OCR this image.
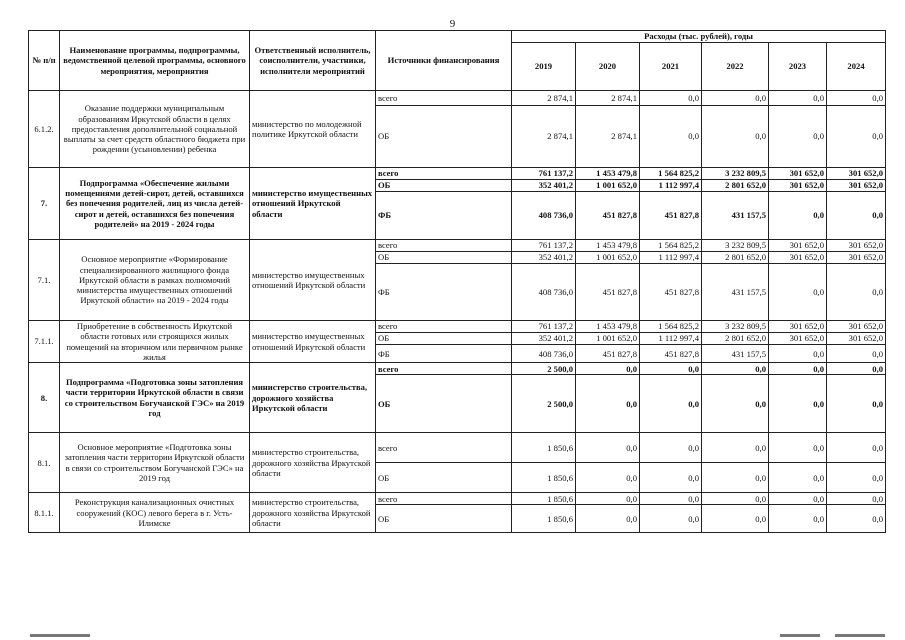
9
№ п/п	Наименование программы, подпрограммы, ведомственной целевой программы, основного мероприятия, мероприятия	Ответственный исполнитель, соисполнители, участники, исполнители мероприятий	Источники финансирования	Расходы (тыс. рублей), годы					
				2019	2020	2021	2022	2023	2024
6.1.2.	Оказание поддержки муниципальным образованиям Иркутской области в целях предоставления дополнительной социальной выплаты за счет средств областного бюджета при рождении (усыновлении) ребенка	министерство по молодежной политике Иркутской области	всего	2 874,1	2 874,1	0,0	0,0	0,0	0,0
			ОБ	2 874,1	2 874,1	0,0	0,0	0,0	0,0
7.	Подпрограмма «Обеспечение жилыми помещениями детей-сирот, детей, оставшихся без попечения родителей, лиц из числа детей-сирот и детей, оставшихся без попечения родителей» на 2019 - 2024 годы	министерство имущественных отношений Иркутской области	всего	761 137,2	1 453 479,8	1 564 825,2	3 232 809,5	301 652,0	301 652,0
			ОБ	352 401,2	1 001 652,0	1 112 997,4	2 801 652,0	301 652,0	301 652,0
			ФБ	408 736,0	451 827,8	451 827,8	431 157,5	0,0	0,0
7.1.	Основное мероприятие «Формирование специализированного жилищного фонда Иркутской области в рамках полномочий министерства имущественных отношений Иркутской области» на 2019 - 2024 годы	министерство имущественных отношений Иркутской области	всего	761 137,2	1 453 479,8	1 564 825,2	3 232 809,5	301 652,0	301 652,0
			ОБ	352 401,2	1 001 652,0	1 112 997,4	2 801 652,0	301 652,0	301 652,0
			ФБ	408 736,0	451 827,8	451 827,8	431 157,5	0,0	0,0
7.1.1.	Приобретение в собственность Иркутской области готовых или строящихся жилых помещений на вторичном или первичном рынке жилья	министерство имущественных отношений Иркутской области	всего	761 137,2	1 453 479,8	1 564 825,2	3 232 809,5	301 652,0	301 652,0
			ОБ	352 401,2	1 001 652,0	1 112 997,4	2 801 652,0	301 652,0	301 652,0
			ФБ	408 736,0	451 827,8	451 827,8	431 157,5	0,0	0,0
8.	Подпрограмма «Подготовка зоны затопления части территории Иркутской области в связи со строительством Богучанской ГЭС» на 2019 год	министерство строительства, дорожного хозяйства Иркутской области	всего	2 500,0	0,0	0,0	0,0	0,0	0,0
			ОБ	2 500,0	0,0	0,0	0,0	0,0	0,0
8.1.	Основное мероприятие «Подготовка зоны затопления части территории Иркутской области в связи со строительством Богучанской ГЭС» на 2019 год	министерство строительства, дорожного хозяйства Иркутской области	всего	1 850,6	0,0	0,0	0,0	0,0	0,0
			ОБ	1 850,6	0,0	0,0	0,0	0,0	0,0
8.1.1.	Реконструкция канализационных очистных сооружений (КОС) левого берега в г. Усть-Илимске	министерство строительства, дорожного хозяйства Иркутской области	всего	1 850,6	0,0	0,0	0,0	0,0	0,0
			ОБ	1 850,6	0,0	0,0	0,0	0,0	0,0
